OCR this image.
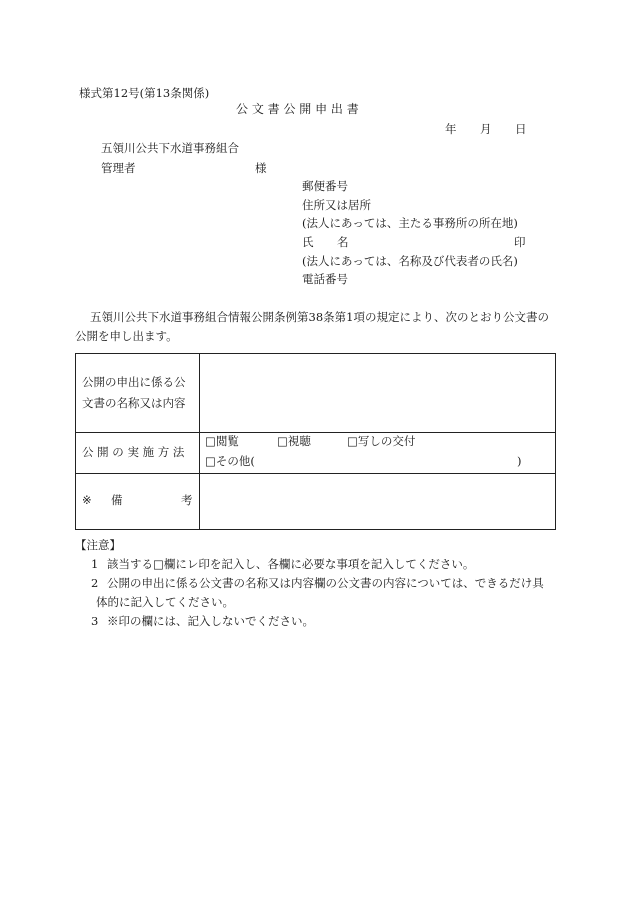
様式第12号(第13条関係)
公 文 書 公 開 申 出 書
年 月 日
五領川公共下水道事務組合
管理者	様
郵便番号
住所又は居所
(法人にあっては、主たる事務所の所在地)
氏 名	印
(法人にあっては、名称及び代表者の氏名)
電話番号
五領川公共下水道事務組合情報公開条例第38条第1項の規定により、次のとおり公文書の
公開を申し出ます。
公開の申出に係る公
文書の名称又は内容	

公 開 の 実 施 方 法	□閲覧 □視聴 □写しの交付
□その他( )

※ 備 考	

【注意】
1 該当する□欄にレ印を記入し、各欄に必要な事項を記入してください。
2 公開の申出に係る公文書の名称又は内容欄の公文書の内容については、できるだけ具
体的に記入してください。
3 ※印の欄には、記入しないでください。
